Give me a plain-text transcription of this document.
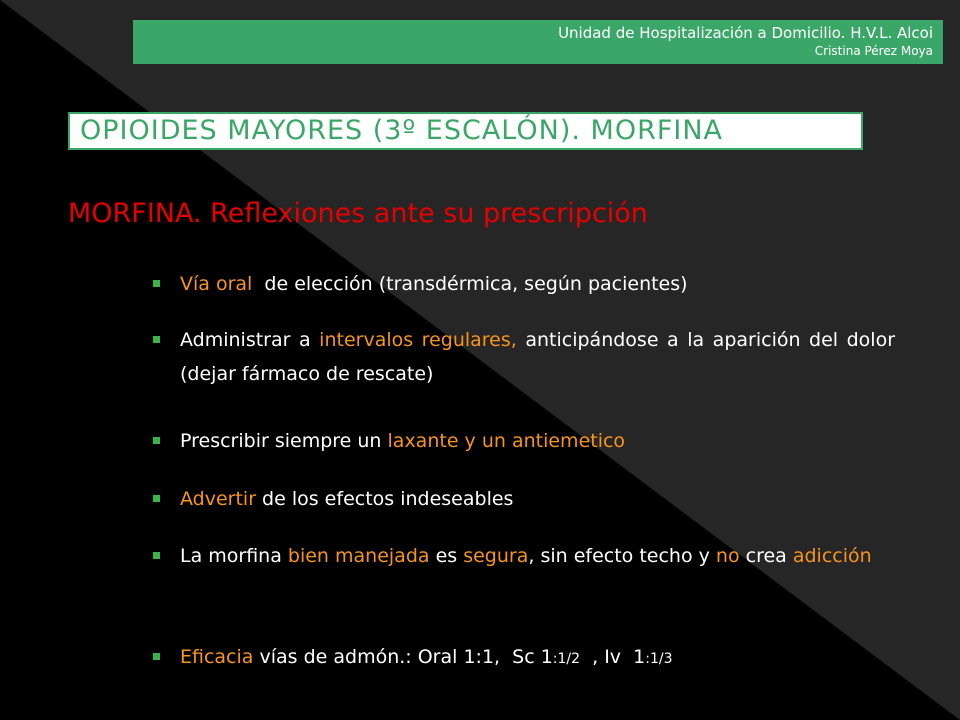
Unidad de Hospitalización a Domicilio. H.V.L. Alcoi
Cristina Pérez Moya
OPIOIDES MAYORES (3º ESCALÓN). MORFINA
MORFINA. Reflexiones ante su prescripción
Vía oral  de elección (transdérmica, según pacientes)
Administrar a intervalos regulares, anticipándose a la aparición del dolor (dejar fármaco de rescate)
Prescribir siempre un laxante y un antiemetico
Advertir de los efectos indeseables
La morfina bien manejada es segura, sin efecto techo y no crea adicción
Eficacia vías de admón.: Oral 1:1,  Sc 1:1/2  , Iv  1:1/3
